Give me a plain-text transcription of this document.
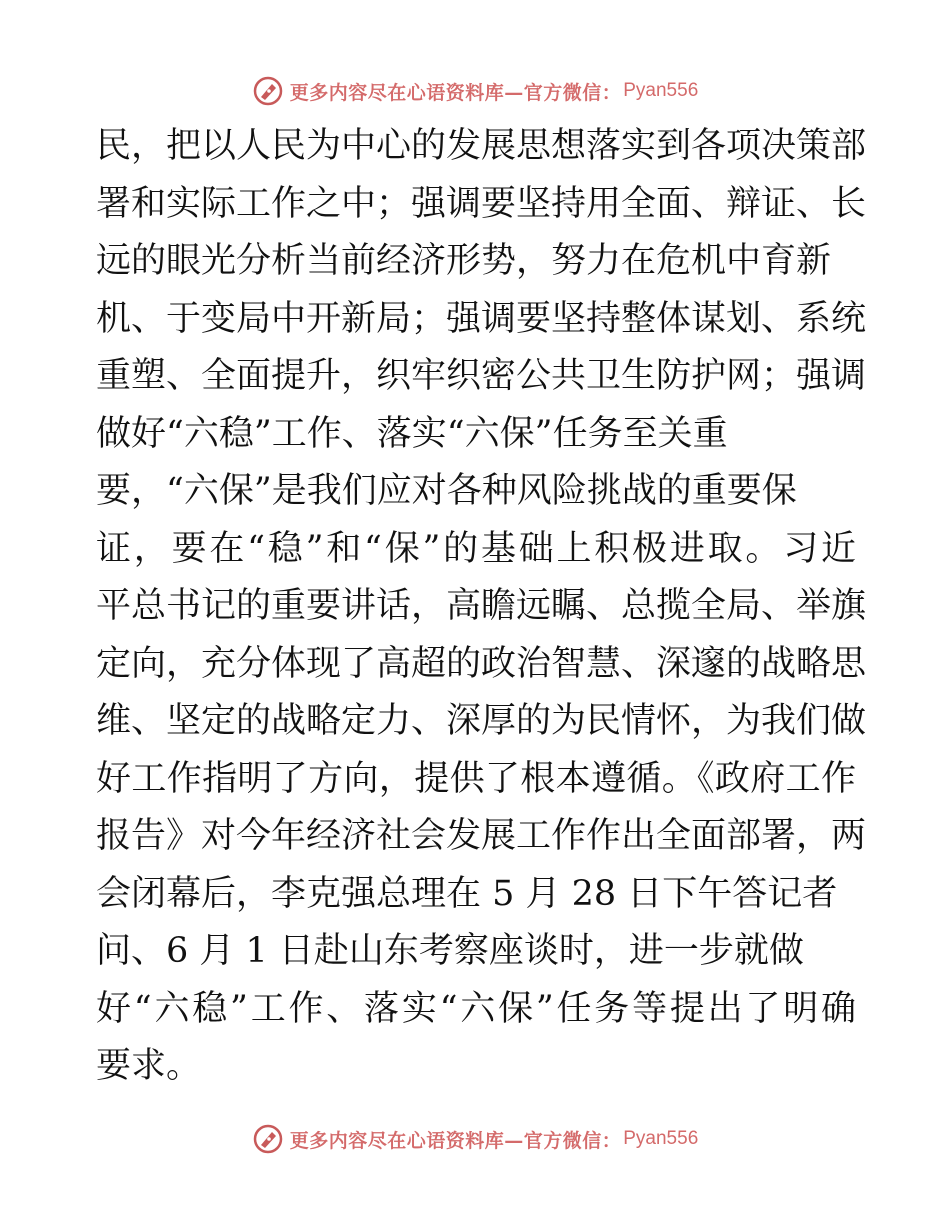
更多内容尽在心语资料库—官方微信： Pyan556
民，把以人民为中心的发展思想落实到各项决策部
署和实际工作之中；强调要坚持用全面、辩证、长
远的眼光分析当前经济形势，努力在危机中育新
机、于变局中开新局；强调要坚持整体谋划、系统
重塑、全面提升，织牢织密公共卫生防护网；强调
做好“六稳”工作、落实“六保”任务至关重
要，“六保”是我们应对各种风险挑战的重要保
证，要在“稳”和“保”的基础上积极进取。习近
平总书记的重要讲话，高瞻远瞩、总揽全局、举旗
定向，充分体现了高超的政治智慧、深邃的战略思
维、坚定的战略定力、深厚的为民情怀，为我们做
好工作指明了方向，提供了根本遵循。《政府工作
报告》对今年经济社会发展工作作出全面部署，两
会闭幕后，李克强总理在 5 月 28 日下午答记者
问、6 月 1 日赴山东考察座谈时，进一步就做
好“六稳”工作、落实“六保”任务等提出了明确
要求。
更多内容尽在心语资料库—官方微信： Pyan556
